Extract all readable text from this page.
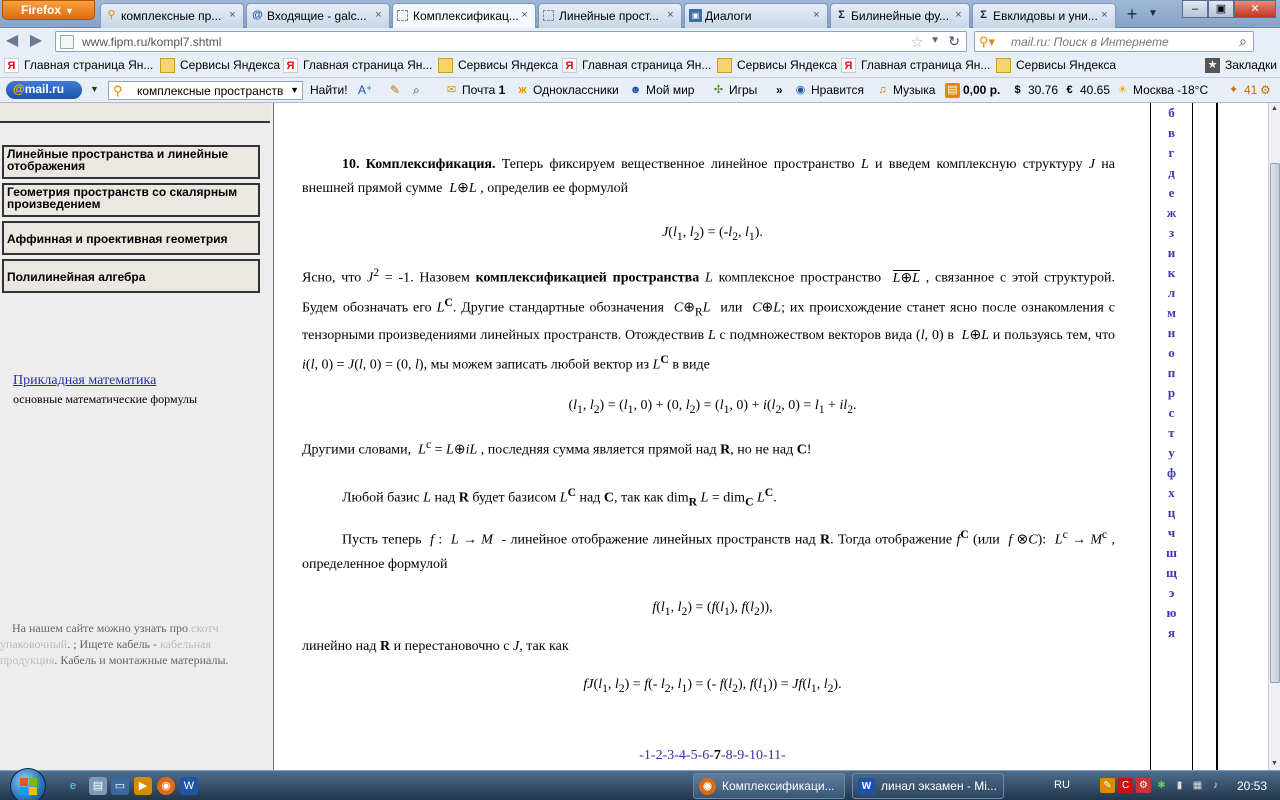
Firefox ▼	⚲ комплексные пр... × @ Входящие - galc... ×	Комплексификац... ×	Линейные прост... ×	▣ Диалоги	× Σ Билинейные фу... × Σ Евклидовы и уни... ×	+	▼	–	▣	✕
◀ ▶	www.fipm.ru/kompl7.shtml	☆ ▼ ↻ ⚲▾ mail.ru: Поиск в Интернете	⌕
Я Главная страница Ян...	Сервисы Яндекса Я Главная страница Ян...	Сервисы Яндекса Я Главная страница Ян...	Сервисы Яндекса Я Главная страница Ян...	Сервисы Яндекса	★ Закладки
@mail.ru	▼ ⚲ комплексные пространств ▼ Найти! A⁺ ✎ ⌕ ✉ Почта 1	ж Одноклассники ☻ Мой мир ✣ Игры » ◉ Нравится	♫ Музыка ▤ 0,00 р.	$ 30.76 € 40.65 ☀ Москва -18°С ✦ 41 ⚙
Линейные пространства и линейные отображения
Геометрия пространств со скалярным произведением
Аффинная и проективная геометрия
Полилинейная алгебра
Прикладная математика
основные математические формулы
На нашем сайте можно узнать про скотч упаковочный. ; Ищете кабель - кабельная продукция. Кабель и монтажные материалы.
10. Комплексификация. Теперь фиксируем вещественное линейное пространство L и введем комплексную структуру J на внешней прямой сумме  L⊕L , определив ее формулой
$J(l_1$, $l_2) = (-l_2$, $l_1$).
Ясно, что $J^2 = -1$. Назовем комплексификацией пространства L комплексное пространство  L⊕L , связанное с этой структурой. Будем обозначать его $L^C$. Другие стандартные обозначения  $C\oplus_RL$  или  C⊕L; их происхождение станет ясно после ознакомления с тензорными произведениями линейных пространств. Отождествив L с подмножеством векторов вида (l, 0) в  L⊕L и пользуясь тем, что i(l, 0) = J(l, 0) = (0, l), мы можем записать любой вектор из $L^C$ в виде
($l_1$, $l_2) = (l_1$, 0) + (0, $l_2) = (l_1$, $0) + i(l_2$, $0) = l_1 + il_2$.
Другими словами,  $L^c$ = L⊕iL , последняя сумма является прямой над R, но не над C!
Любой базис L над R будет базисом $L^C$ над C, так как dim$_R$ L = dim$_C$ $L^C$.
Пусть теперь  f :  L → M  - линейное отображение линейных пространств над R. Тогда отображение $f^C$ (или  f ⊗C):  $L^c \to M^c$ , определенное формулой
$f(l_1$, $l_2) = (f(l_1)$, $f(l_2)$),
линейно над R и перестановочно с J, так как
$fJ(l_1$, $l_2) = f(-$ $l_2$, $l_1$) = (- $f(l_2)$, $f(l_1)) = Jf(l_1$, $l_2$).
-1-2-3-4-5-6-7-8-9-10-11-
б
в
г
д
е
ж
з
и
к
л
м
н
о
п
р
с
т
у
ф
х
ц
ч
ш
щ
э
ю
я
▲
▼
e	▤	▭	▶	◉	W	◉ Комплексификаци...	W линал экзамен - Mi...	RU	✎	C ⚙ ✱	▮	▦	♪	20:53
